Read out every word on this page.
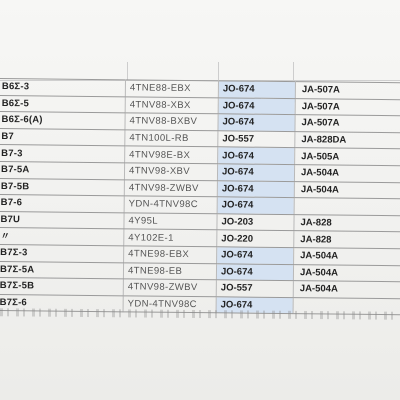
B6Σ-3	4TNE88-EBX	JO-674	JA-507A
B6Σ-5	4TNV88-XBX	JO-674	JA-507A
B6Σ-6(A)	4TNV88-BXBV	JO-674	JA-507A
B7	4TN100L-RB	JO-557	JA-828DA
B7-3	4TNV98E-BX	JO-674	JA-505A
B7-5A	4TNV98-XBV	JO-674	JA-504A
B7-5B	4TNV98-ZWBV	JO-674	JA-504A
B7-6	YDN-4TNV98C	JO-674	
B7U	4Y95L	JO-203	JA-828
〃	4Y102E-1	JO-220	JA-828
B7Σ-3	4TNE98-EBX	JO-674	JA-504A
B7Σ-5A	4TNE98-EB	JO-674	JA-504A
B7Σ-5B	4TNV98-ZWBV	JO-557	JA-504A
B7Σ-6	YDN-4TNV98C	JO-674	
